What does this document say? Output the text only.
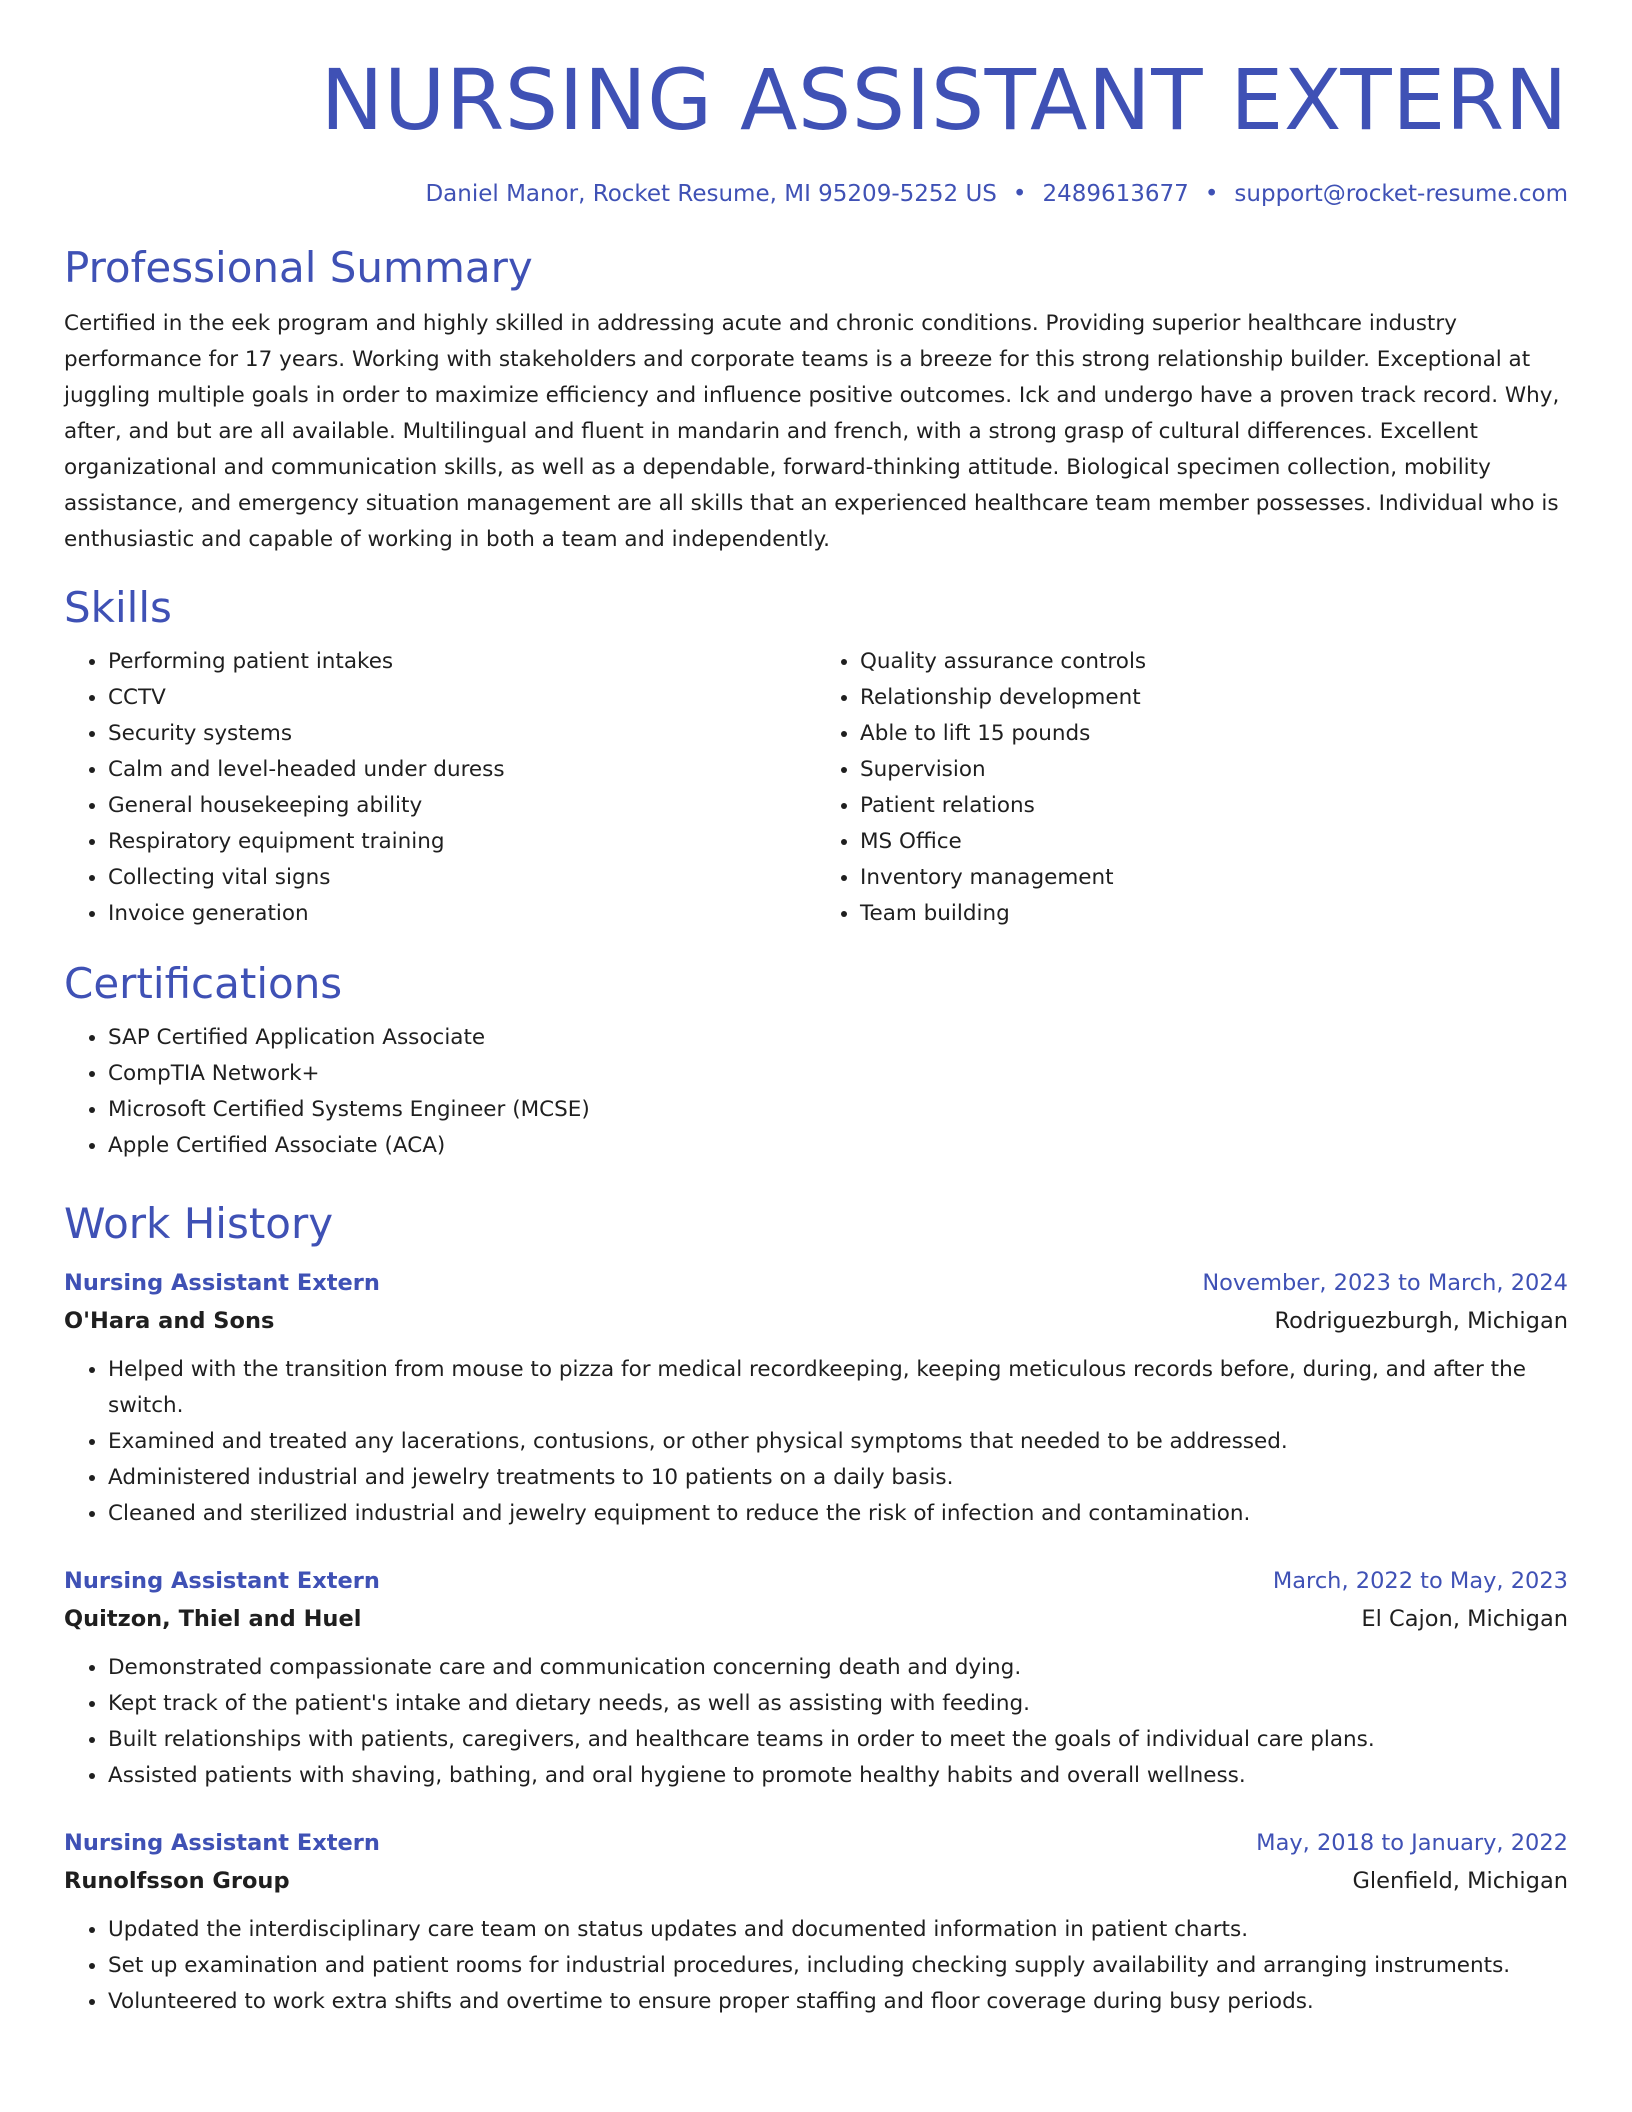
NURSING ASSISTANT EXTERN
Daniel Manor, Rocket Resume, MI 95209-5252 US • 2489613677 • support@rocket-resume.com
Professional Summary

Certified in the eek program and highly skilled in addressing acute and chronic conditions. Providing superior healthcare industry performance for 17 years. Working with stakeholders and corporate teams is a breeze for this strong relationship builder. Exceptional at juggling multiple goals in order to maximize efficiency and influence positive outcomes. Ick and undergo have a proven track record. Why, after, and but are all available. Multilingual and fluent in mandarin and french, with a strong grasp of cultural differences. Excellent organizational and communication skills, as well as a dependable, forward-thinking attitude. Biological specimen collection, mobility assistance, and emergency situation management are all skills that an experienced healthcare team member possesses. Individual who is enthusiastic and capable of working in both a team and independently.

Skills
• Performing patient intakes
• CCTV
• Security systems
• Calm and level-headed under duress
• General housekeeping ability
• Respiratory equipment training
• Collecting vital signs
• Invoice generation
• Quality assurance controls
• Relationship development
• Able to lift 15 pounds
• Supervision
• Patient relations
• MS Office
• Inventory management
• Team building
Certifications
• SAP Certified Application Associate
• CompTIA Network+
• Microsoft Certified Systems Engineer (MCSE)
• Apple Certified Associate (ACA)
Work History
Nursing Assistant Extern	November, 2023 to March, 2024
O'Hara and Sons	Rodriguezburgh, Michigan
• Helped with the transition from mouse to pizza for medical recordkeeping, keeping meticulous records before, during, and after the switch.
• Examined and treated any lacerations, contusions, or other physical symptoms that needed to be addressed.
• Administered industrial and jewelry treatments to 10 patients on a daily basis.
• Cleaned and sterilized industrial and jewelry equipment to reduce the risk of infection and contamination.
Nursing Assistant Extern	March, 2022 to May, 2023
Quitzon, Thiel and Huel	El Cajon, Michigan
• Demonstrated compassionate care and communication concerning death and dying.
• Kept track of the patient's intake and dietary needs, as well as assisting with feeding.
• Built relationships with patients, caregivers, and healthcare teams in order to meet the goals of individual care plans.
• Assisted patients with shaving, bathing, and oral hygiene to promote healthy habits and overall wellness.
Nursing Assistant Extern	May, 2018 to January, 2022
Runolfsson Group	Glenfield, Michigan
• Updated the interdisciplinary care team on status updates and documented information in patient charts.
• Set up examination and patient rooms for industrial procedures, including checking supply availability and arranging instruments.
• Volunteered to work extra shifts and overtime to ensure proper staffing and floor coverage during busy periods.
